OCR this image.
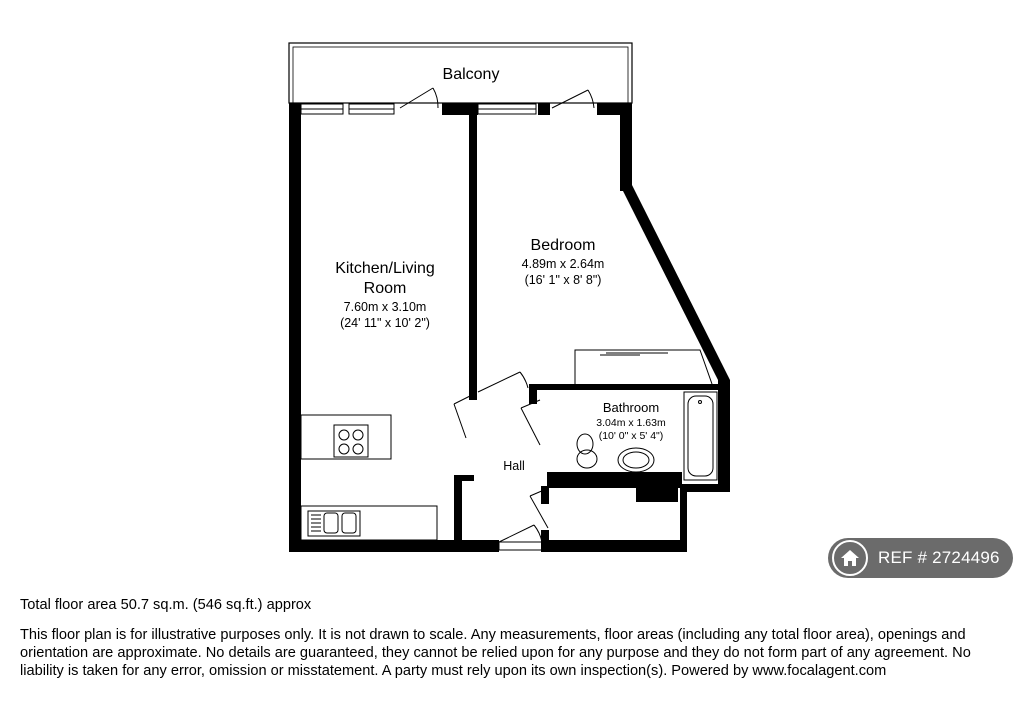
Balcony
Kitchen/Living
Room
7.60m x 3.10m
(24' 11" x 10' 2")
Bedroom
4.89m x 2.64m
(16' 1" x 8' 8")
Bathroom
3.04m x 1.63m
(10' 0" x 5' 4")
Hall
REF # 2724496
Total floor area 50.7 sq.m. (546 sq.ft.) approx
This floor plan is for illustrative purposes only. It is not drawn to scale. Any measurements, floor areas (including any total floor area), openings and orientation are approximate. No details are guaranteed, they cannot be relied upon for any purpose and they do not form part of any agreement. No liability is taken for any error, omission or misstatement. A party must rely upon its own inspection(s). Powered by www.focalagent.com
